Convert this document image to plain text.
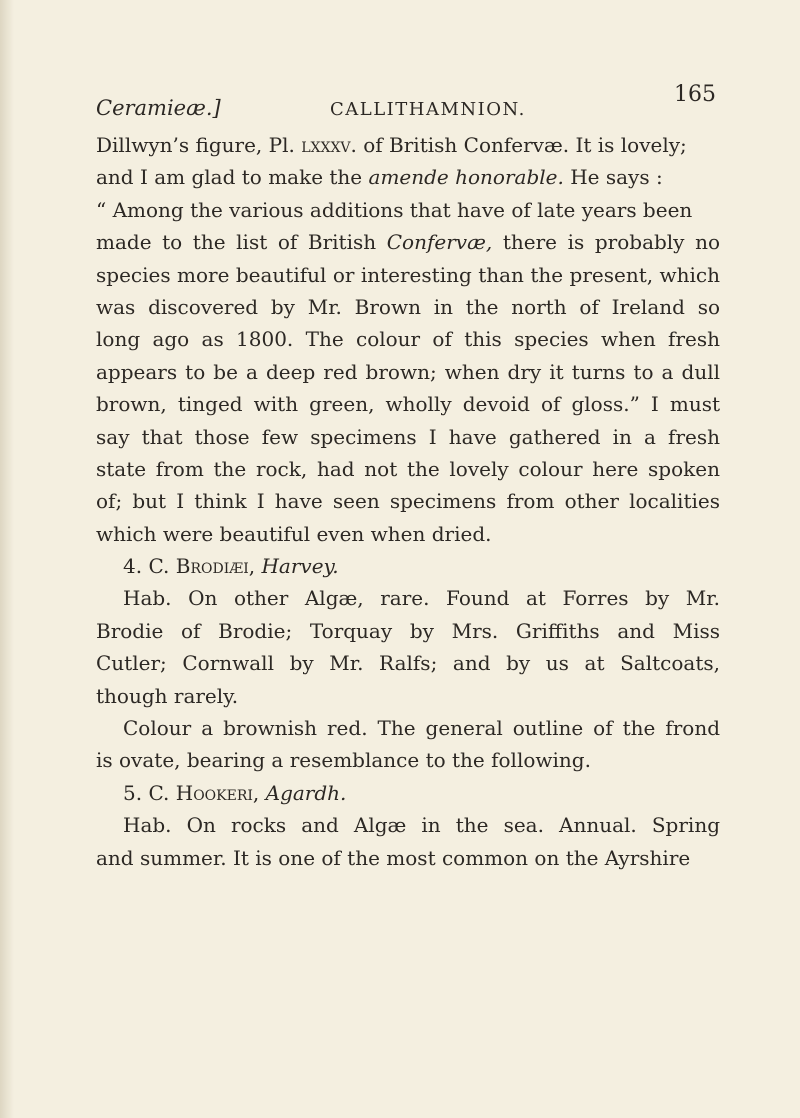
Ceramieæ.]	CALLITHAMNION.
165
Dillwyn’s figure, Pl. lxxxv. of British Confervæ. It is lovely;
and I am glad to make the amende honorable. He says :
“ Among the various additions that have of late years been
made to the list of British Confervæ, there is probably no
species more beautiful or interesting than the present, which
was discovered by Mr. Brown in the north of Ireland so
long ago as 1800. The colour of this species when fresh
appears to be a deep red brown; when dry it turns to a dull
brown, tinged with green, wholly devoid of gloss.” I must
say that those few specimens I have gathered in a fresh
state from the rock, had not the lovely colour here spoken
of; but I think I have seen specimens from other localities
which were beautiful even when dried.
4. C. Brodiæi, Harvey.
Hab. On other Algæ, rare. Found at Forres by Mr.
Brodie of Brodie; Torquay by Mrs. Griffiths and Miss
Cutler; Cornwall by Mr. Ralfs; and by us at Saltcoats,
though rarely.
Colour a brownish red. The general outline of the frond
is ovate, bearing a resemblance to the following.
5. C. Hookeri, Agardh.
Hab. On rocks and Algæ in the sea. Annual. Spring
and summer. It is one of the most common on the Ayrshire
